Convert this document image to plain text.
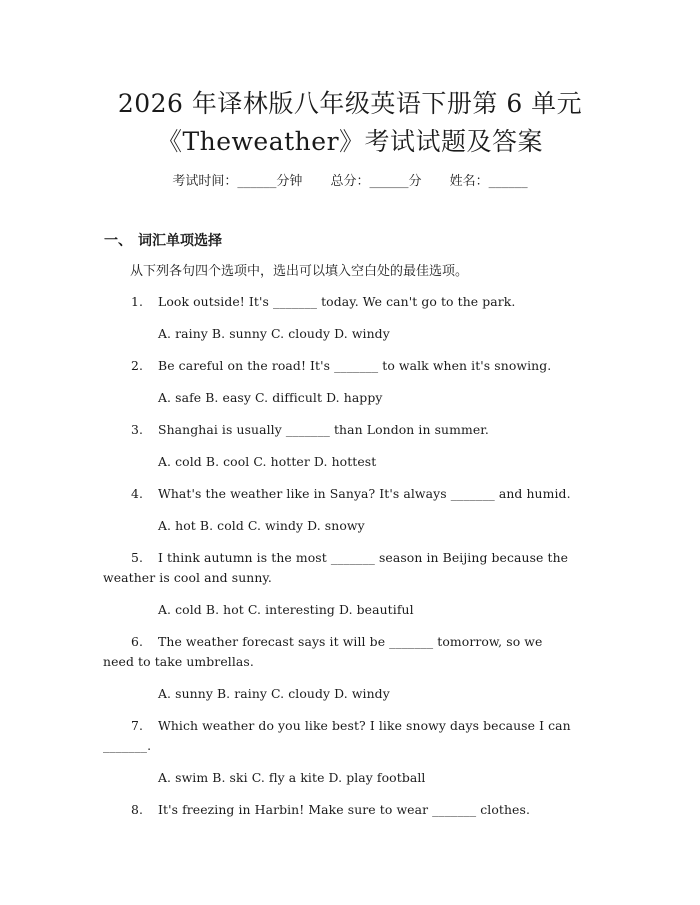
2026 年译林版八年级英语下册第 6 单元
《Theweather》考试试题及答案
考试时间：______分钟 总分：______分 姓名：______
一、 词汇单项选择
从下列各句四个选项中，选出可以填入空白处的最佳选项。
1. Look outside! It's _______ today. We can't go to the park.
A. rainy B. sunny C. cloudy D. windy
2. Be careful on the road! It's _______ to walk when it's snowing.
A. safe B. easy C. difficult D. happy
3. Shanghai is usually _______ than London in summer.
A. cold B. cool C. hotter D. hottest
4. What's the weather like in Sanya? It's always _______ and humid.
A. hot B. cold C. windy D. snowy
5. I think autumn is the most _______ season in Beijing because the
weather is cool and sunny.
A. cold B. hot C. interesting D. beautiful
6. The weather forecast says it will be _______ tomorrow, so we
need to take umbrellas.
A. sunny B. rainy C. cloudy D. windy
7. Which weather do you like best? I like snowy days because I can
_______.
A. swim B. ski C. fly a kite D. play football
8. It's freezing in Harbin! Make sure to wear _______ clothes.
